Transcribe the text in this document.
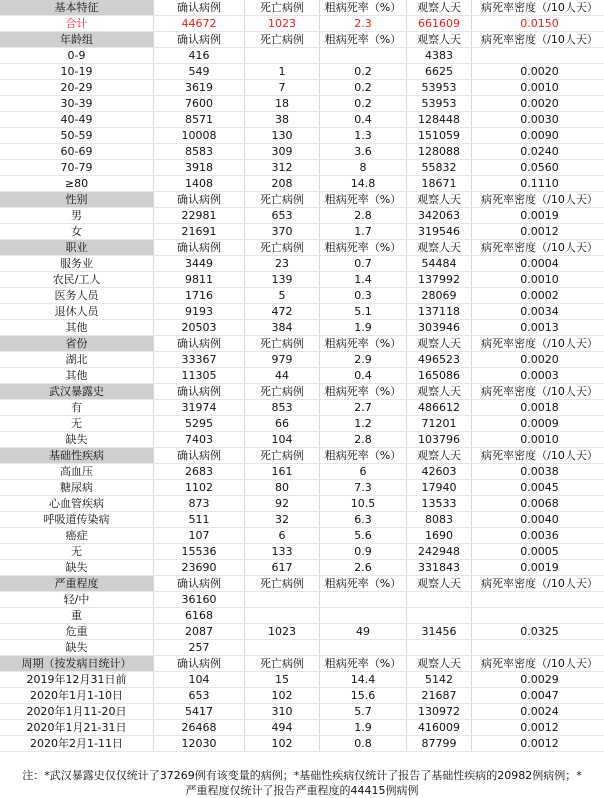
基本特征	确认病例	死亡病例	粗病死率（%）	观察人天	病死率密度（/10人天）
合计	44672	1023	2.3	661609	0.0150
年龄组	确认病例	死亡病例	粗病死率（%）	观察人天	病死率密度（/10人天）
0-9	416			4383	
10-19	549	1	0.2	6625	0.0020
20-29	3619	7	0.2	53953	0.0010
30-39	7600	18	0.2	53953	0.0020
40-49	8571	38	0.4	128448	0.0030
50-59	10008	130	1.3	151059	0.0090
60-69	8583	309	3.6	128088	0.0240
70-79	3918	312	8	55832	0.0560
≥80	1408	208	14.8	18671	0.1110
性别	确认病例	死亡病例	粗病死率（%）	观察人天	病死率密度（/10人天）
男	22981	653	2.8	342063	0.0019
女	21691	370	1.7	319546	0.0012
职业	确认病例	死亡病例	粗病死率（%）	观察人天	病死率密度（/10人天）
服务业	3449	23	0.7	54484	0.0004
农民/工人	9811	139	1.4	137992	0.0010
医务人员	1716	5	0.3	28069	0.0002
退休人员	9193	472	5.1	137118	0.0034
其他	20503	384	1.9	303946	0.0013
省份	确认病例	死亡病例	粗病死率（%）	观察人天	病死率密度（/10人天）
湖北	33367	979	2.9	496523	0.0020
其他	11305	44	0.4	165086	0.0003
武汉暴露史	确认病例	死亡病例	粗病死率（%）	观察人天	病死率密度（/10人天）
有	31974	853	2.7	486612	0.0018
无	5295	66	1.2	71201	0.0009
缺失	7403	104	2.8	103796	0.0010
基础性疾病	确认病例	死亡病例	粗病死率（%）	观察人天	病死率密度（/10人天）
高血压	2683	161	6	42603	0.0038
糖尿病	1102	80	7.3	17940	0.0045
心血管疾病	873	92	10.5	13533	0.0068
呼吸道传染病	511	32	6.3	8083	0.0040
癌症	107	6	5.6	1690	0.0036
无	15536	133	0.9	242948	0.0005
缺失	23690	617	2.6	331843	0.0019
严重程度	确认病例	死亡病例	粗病死率（%）	观察人天	病死率密度（/10人天）
轻/中	36160				
重	6168				
危重	2087	1023	49	31456	0.0325
缺失	257				
周期（按发病日统计）	确认病例	死亡病例	粗病死率（%）	观察人天	病死率密度（/10人天）
2019年12月31日前	104	15	14.4	5142	0.0029
2020年1月1-10日	653	102	15.6	21687	0.0047
2020年1月11-20日	5417	310	5.7	130972	0.0024
2020年1月21-31日	26468	494	1.9	416009	0.0012
2020年2月1-11日	12030	102	0.8	87799	0.0012
注：*武汉暴露史仅仅统计了37269例有该变量的病例；*基础性疾病仅统计了报告了基础性疾病的20982例病例；*
严重程度仅统计了报告严重程度的44415例病例
